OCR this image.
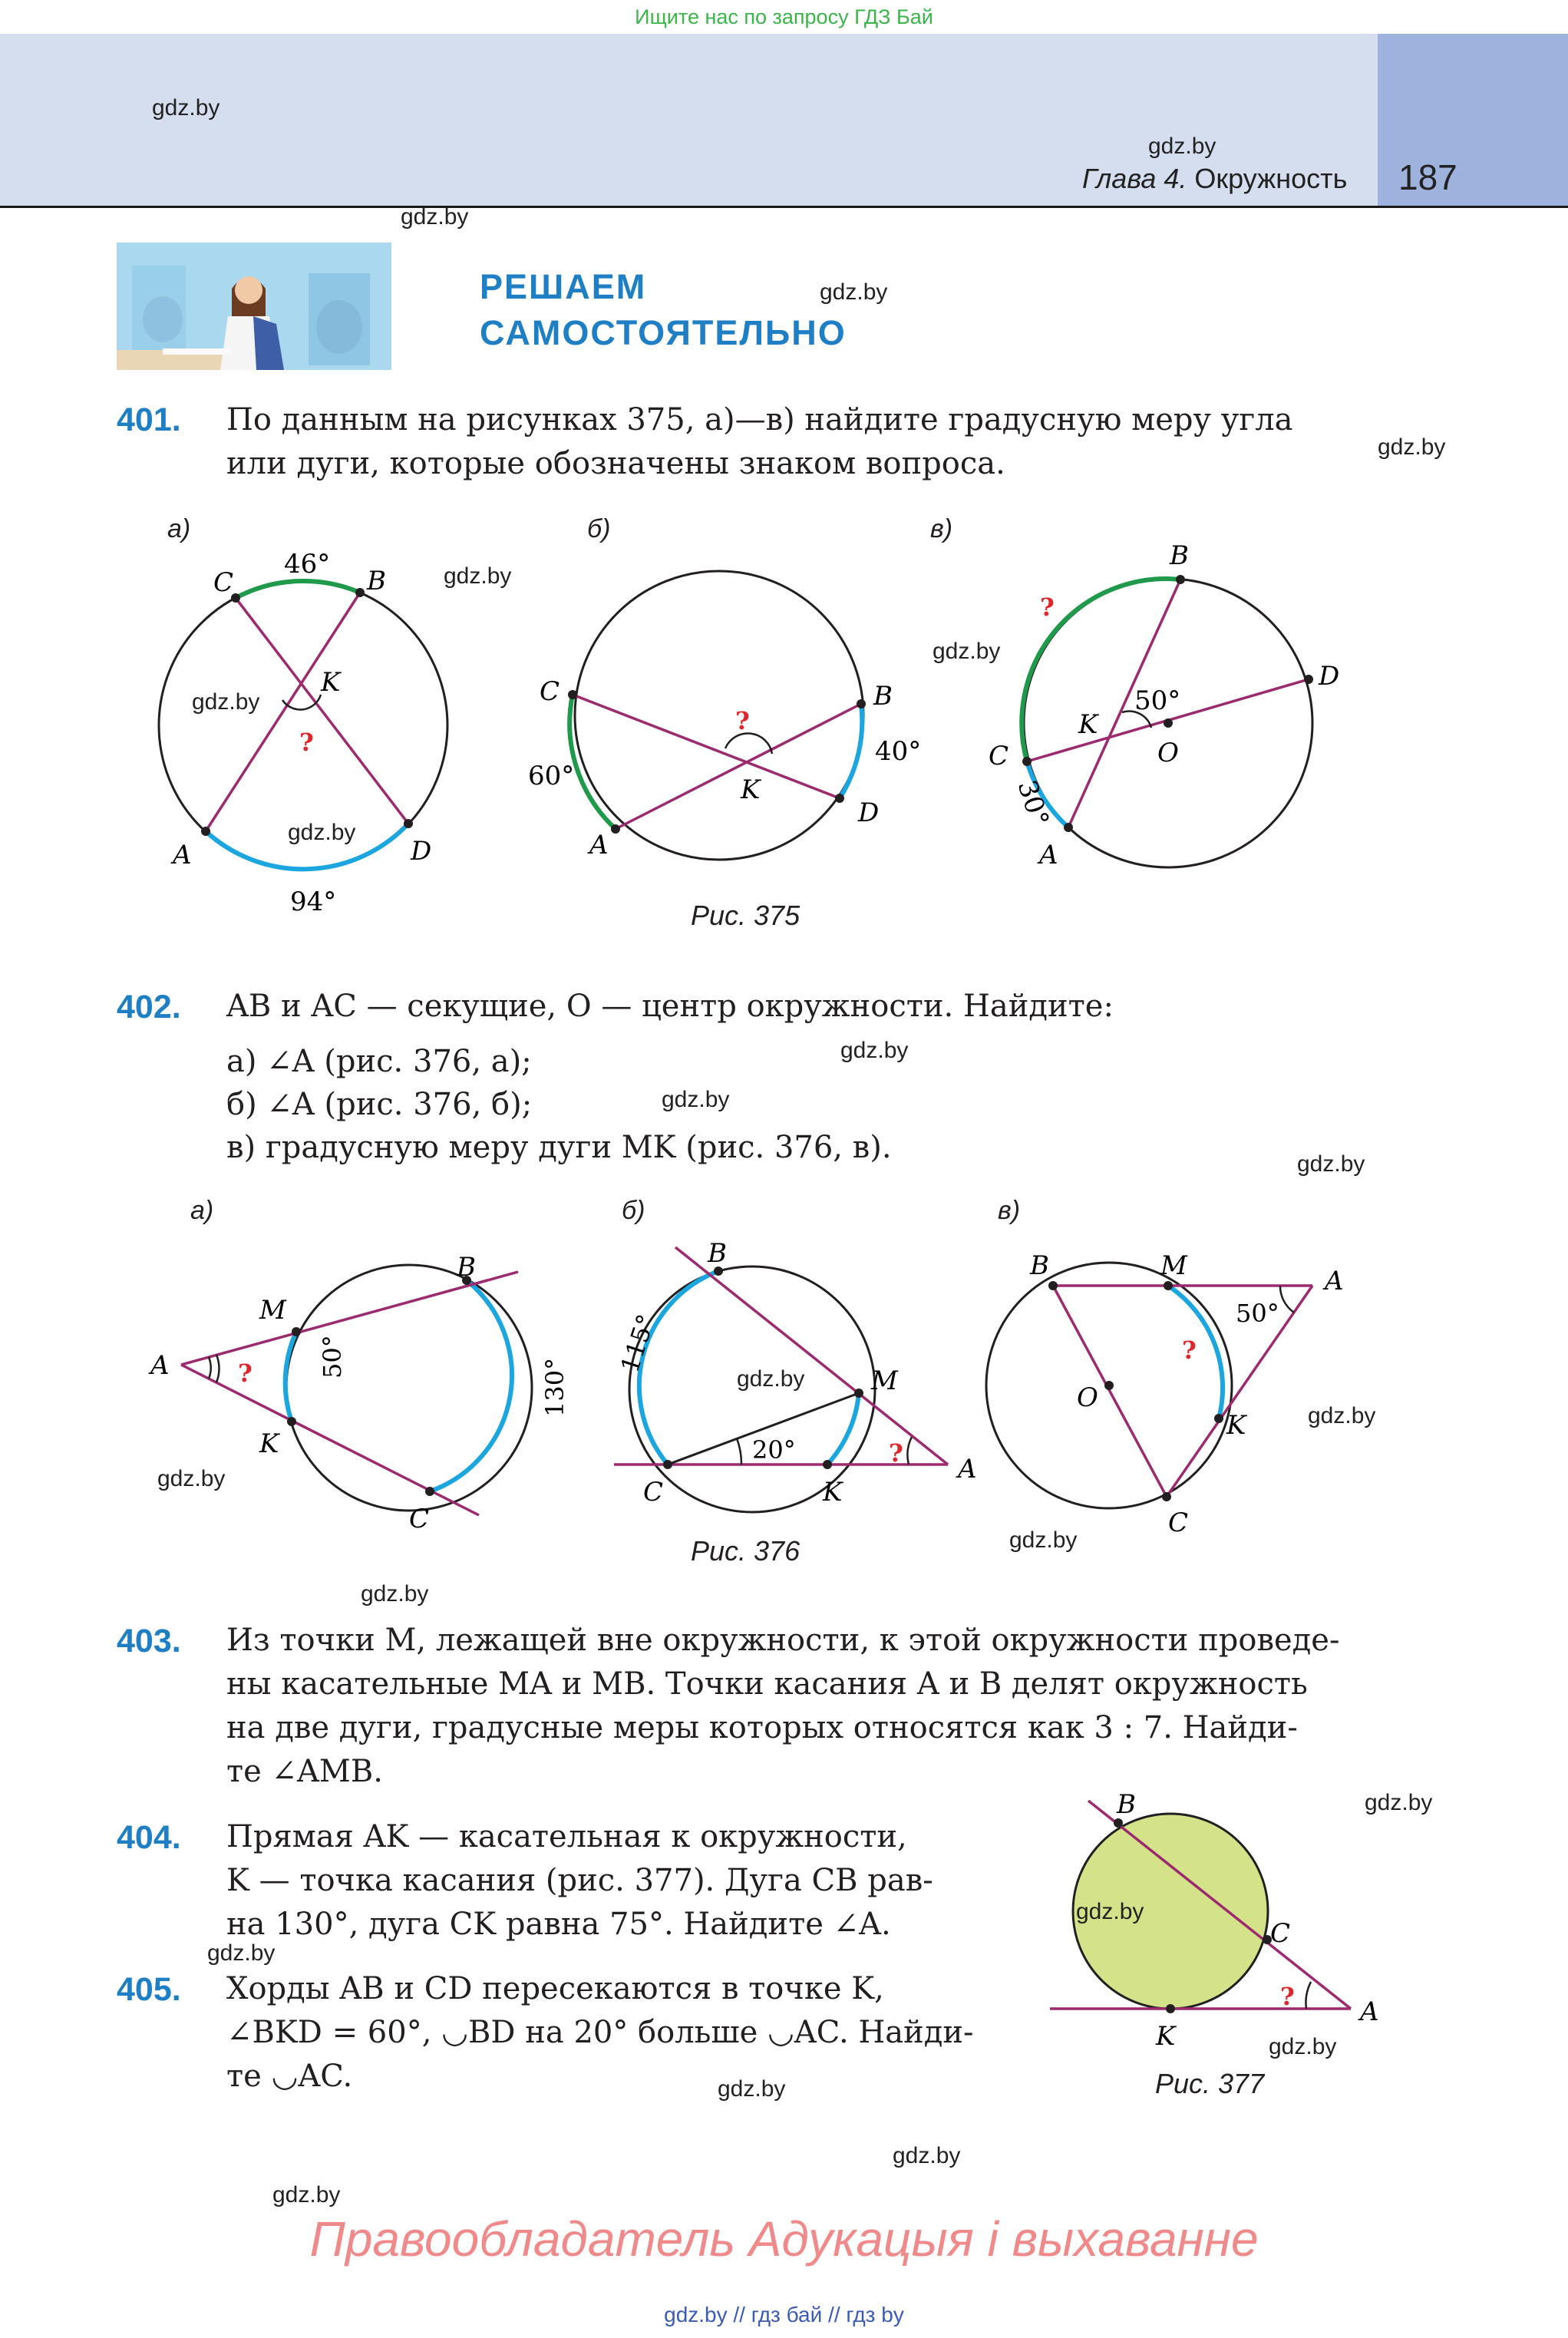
Ищите нас по запросу ГДЗ Бай
Глава 4. Окружность 187
gdz.by
gdz.by
gdz.by
gdz.by
gdz.by
gdz.by
gdz.by
gdz.by
gdz.by
gdz.by
gdz.by
gdz.by
gdz.by
gdz.by
gdz.by
gdz.by
gdz.by
gdz.by
gdz.by
gdz.by
gdz.by
gdz.by
gdz.by
РЕШАЕМ
САМОСТОЯТЕЛЬНО
401. По данным на рисунках 375, а)—в) найдите градусную меру угла
или дуги, которые обозначены знаком вопроса.
а)	б)	в)
C	B
A	D
K
46°
94°
?
C	B
A
D
K
60°
40°
?
B
C
A
D
K
O
50°
30°
?
Рис. 375
402. AB и AC — секущие, O — центр окружности. Найдите:
а) ∠A (рис. 376, а);
б) ∠A (рис. 376, б);
в) градусную меру дуги MK (рис. 376, в).
а)	б)	в)
A
M
K
B
C
50°
130°
?
B
M
C	K
A
115°
20°	?
B	M	A
K
C
O
50°
?
Рис. 376
403. Из точки M, лежащей вне окружности, к этой окружности проведе-
ны касательные MA и MB. Точки касания A и B делят окружность
на две дуги, градусные меры которых относятся как 3 : 7. Найди-
те ∠AMB.
404. Прямая AK — касательная к окружности,
K — точка касания (рис. 377). Дуга CB рав-
на 130°, дуга CK равна 75°. Найдите ∠A.
405. Хорды AB и CD пересекаются в точке K,
∠BKD = 60°, ◡BD на 20° больше ◡AC. Найди-
те ◡AC.
B
C
A
K
?
gdz.by
Рис. 377
Правообладатель Адукацыя і выхаванне
gdz.by // гдз бай // гдз by
